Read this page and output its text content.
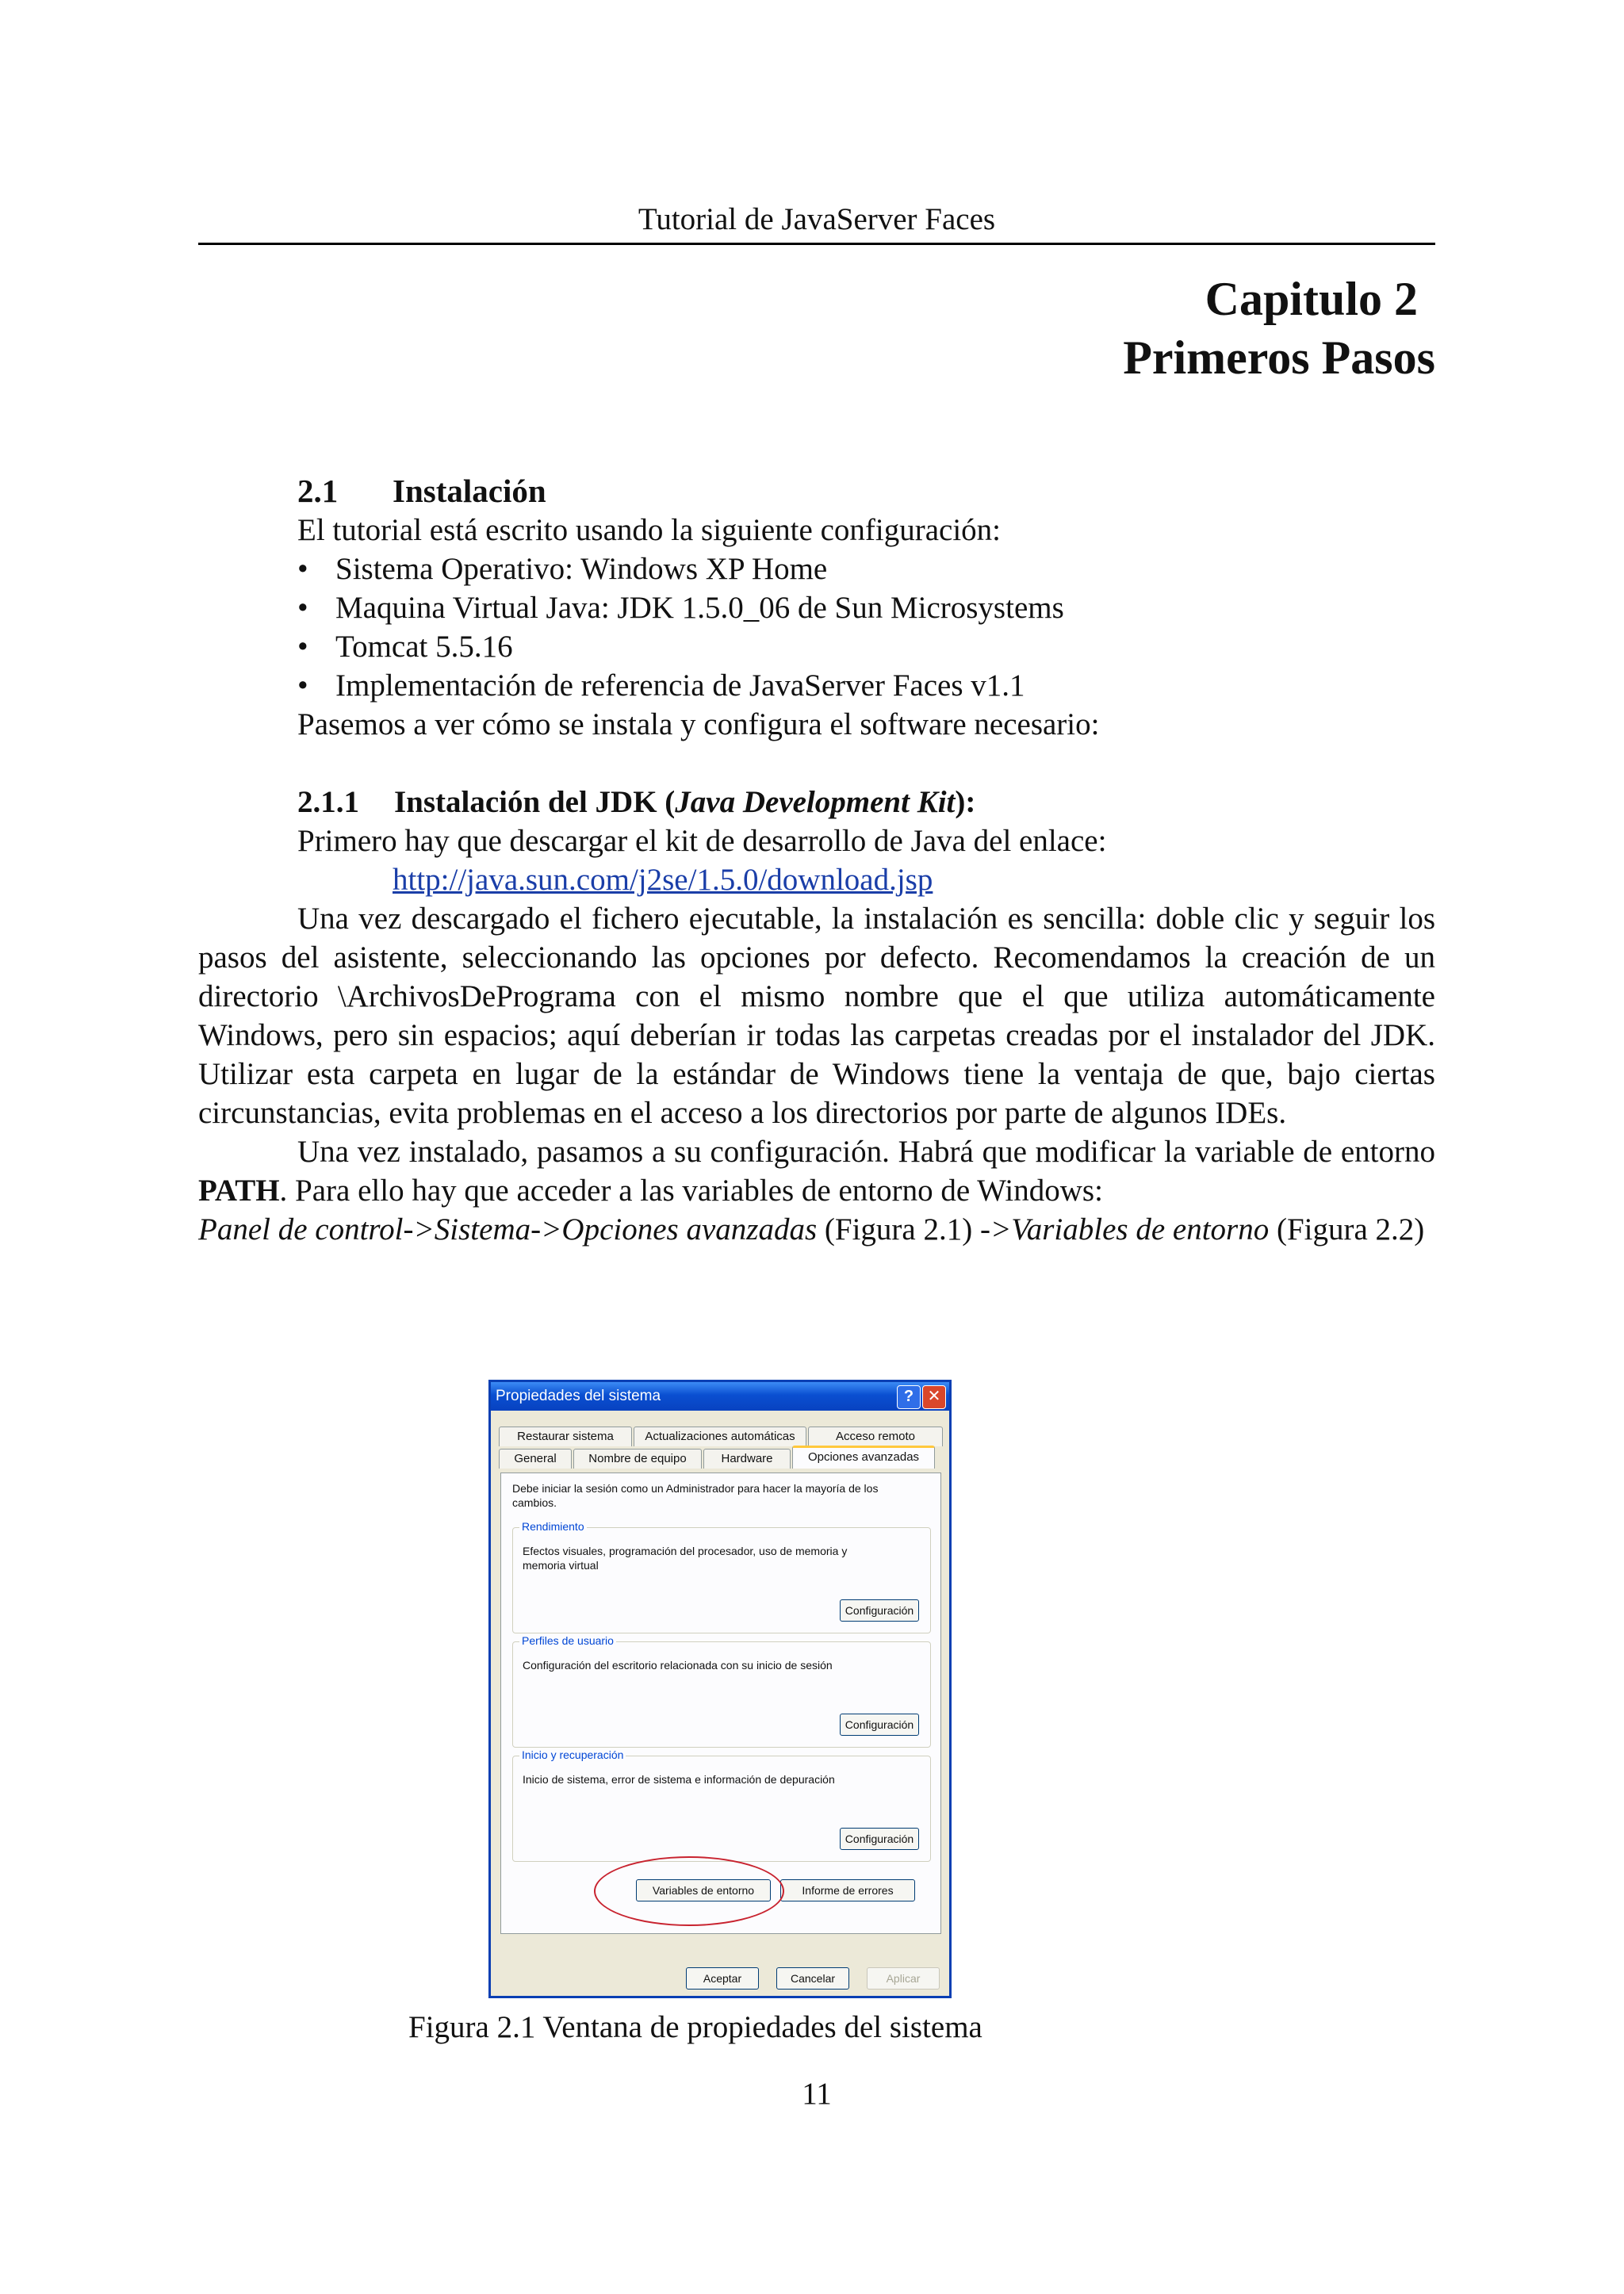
Tutorial de JavaServer Faces
Capitulo 2
Primeros Pasos

2.1 Instalación

El tutorial está escrito usando la siguiente configuración:

• Sistema Operativo: Windows XP Home
• Maquina Virtual Java: JDK 1.5.0_06 de Sun Microsystems
• Tomcat 5.5.16
• Implementación de referencia de JavaServer Faces v1.1

Pasemos a ver cómo se instala y configura el software necesario:

2.1.1 Instalación del JDK (Java Development Kit):

Primero hay que descargar el kit de desarrollo de Java del enlace:

http://java.sun.com/j2se/1.5.0/download.jsp

Una vez descargado el fichero ejecutable, la instalación es sencilla: doble clic y seguir los pasos del asistente, seleccionando las opciones por defecto. Recomendamos la creación de un directorio \ArchivosDePrograma con el mismo nombre que el que utiliza automáticamente Windows, pero sin espacios; aquí deberían ir todas las carpetas creadas por el instalador del JDK. Utilizar esta carpeta en lugar de la estándar de Windows tiene la ventaja de que, bajo ciertas circunstancias, evita problemas en el acceso a los directorios por parte de algunos IDEs.

Una vez instalado, pasamos a su configuración. Habrá que modificar la variable de entorno PATH. Para ello hay que acceder a las variables de entorno de Windows:

Panel de control->Sistema->Opciones avanzadas (Figura 2.1) ->Variables de entorno (Figura 2.2)

Propiedades del sistema	? ✕
Restaurar sistema	Actualizaciones automáticas	Acceso remoto
General	Nombre de equipo	Hardware	Opciones avanzadas
Debe iniciar la sesión como un Administrador para hacer la mayoría de los cambios.
Rendimiento
Efectos visuales, programación del procesador, uso de memoria y memoria virtual
Configuración
Perfiles de usuario
Configuración del escritorio relacionada con su inicio de sesión
Configuración
Inicio y recuperación
Inicio de sistema, error de sistema e información de depuración
Configuración
Variables de entorno	Informe de errores
Aceptar	Cancelar	Aplicar
Figura 2.1 Ventana de propiedades del sistema
11
